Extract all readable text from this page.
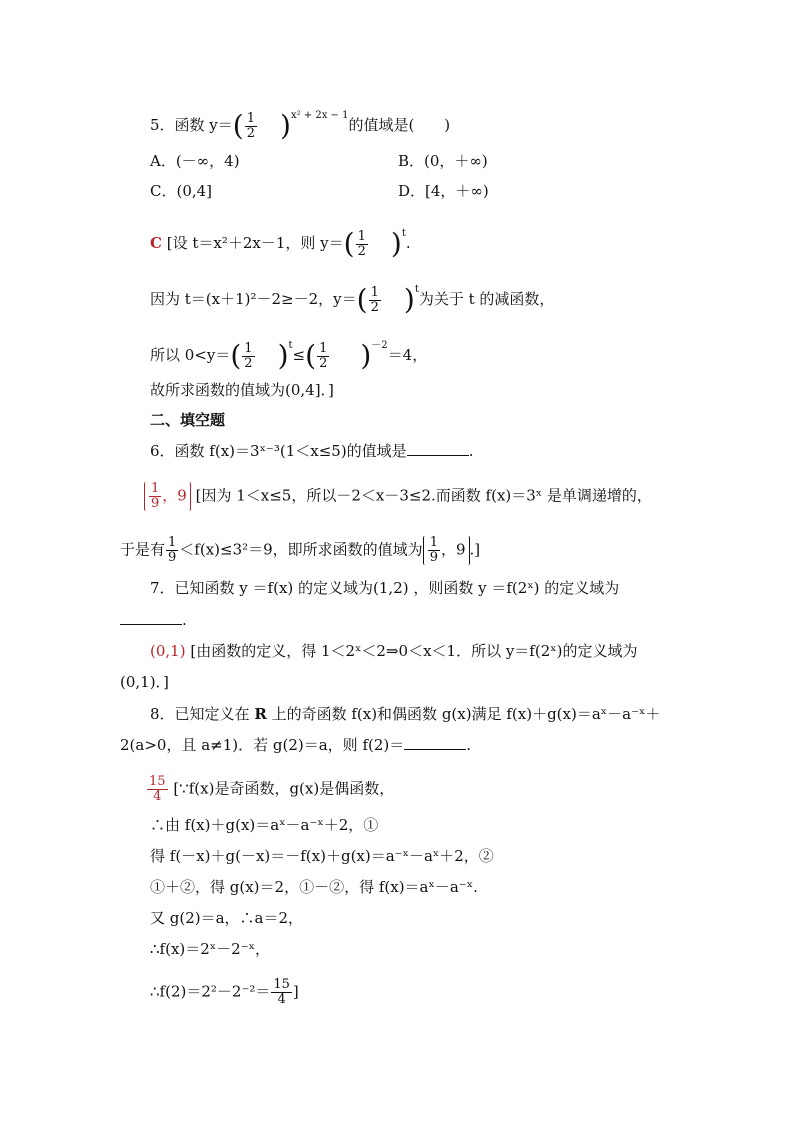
5．函数 $y=( \frac{1}{2} )^{x^2 + 2x - 1}$的值域是(　　)
A．(－∞，4)	B．(0，＋∞)
C．(0,4]	D．[4，＋∞)
C [设 t＝x²＋2x－1，则 $y=( \frac{1}{2} )^t$.
因为 t＝(x＋1)²－2≥－2，$y=( \frac{1}{2} )^t$为关于 t 的减函数，
所以 $0<y=( \frac{1}{2} )^t\le( \frac{1}{2} )^{-2}=4$，
故所求函数的值域为(0,4]．]
二、填空题
6．函数 f(x)＝3ˣ⁻³(1＜x≤5)的值域是	.
$\frac{1}{9}$ ，9 [因为 1＜x≤5，所以－2＜x－3≤2.而函数 f(x)＝3ˣ 是单调递增的，
于是有 $\frac{1}{9} <f(x)\le 3^2=9$，即所求函数的值域为 $\frac{1}{9}$ ，9 .]
7．已知函数 y ＝f(x) 的定义域为(1,2) ，则函数 y ＝f(2ˣ) 的定义域为
.
(0,1) [由函数的定义，得 1＜2ˣ＜2⇒0＜x＜1．所以 y＝f(2ˣ)的定义域为
(0,1)．]
8．已知定义在 R 上的奇函数 f(x)和偶函数 g(x)满足 f(x)＋g(x)＝aˣ－a⁻ˣ＋
2(a>0，且 a≠1)．若 g(2)＝a，则 f(2)＝	.
$\frac{15}{4}$ [∵f(x)是奇函数，g(x)是偶函数，
∴由 f(x)＋g(x)＝aˣ－a⁻ˣ＋2，①
得 f(－x)＋g(－x)＝－f(x)＋g(x)＝a⁻ˣ－aˣ＋2，②
①＋②，得 g(x)＝2，①－②，得 f(x)＝aˣ－a⁻ˣ.
又 g(2)＝a，∴a＝2，
∴f(x)＝2ˣ－2⁻ˣ，
∴f(2)＝2²－2⁻²＝ $\frac{15}{4}$ ]
